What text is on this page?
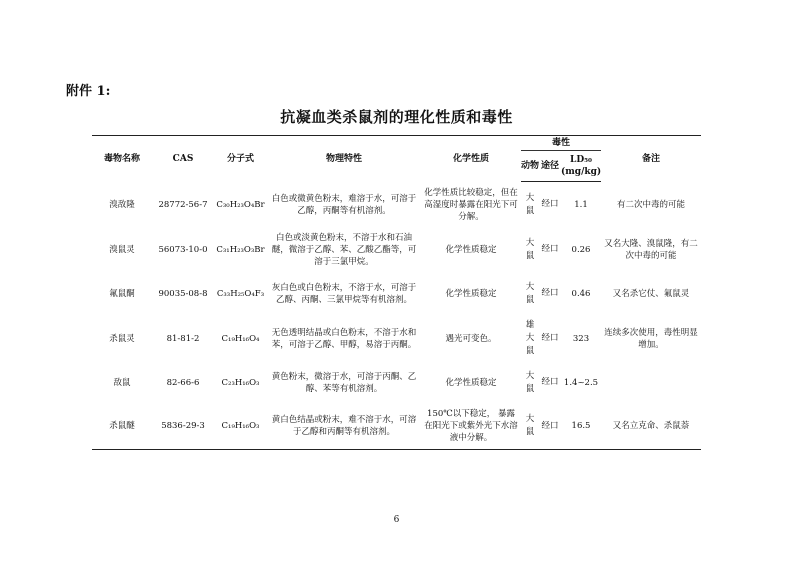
附件 1:
抗凝血类杀鼠剂的理化性质和毒性
毒物名称	CAS	分子式	物理特性	化学性质	毒性			备注
					动物	途径	LD₅₀
(mg/kg)	

溴敌隆	28772-56-7	C₃₀H₂₃O₄Br	白色或微黄色粉末，难溶于水，可溶于乙醇，丙酮等有机溶剂。	化学性质比较稳定，但在高湿度时暴露在阳光下可分解。	大鼠	经口	1.1	有二次中毒的可能
溴鼠灵	56073-10-0	C₃₁H₂₃O₃Br	白色或淡黄色粉末，不溶于水和石油醚，微溶于乙醇、苯、乙酸乙酯等，可溶于三氯甲烷。	化学性质稳定	大鼠	经口	0.26	又名大隆、溴鼠隆，有二次中毒的可能
氟鼠酮	90035-08-8	C₃₃H₂₅O₄F₃	灰白色或白色粉末，不溶于水，可溶于乙醇、丙酮、三氯甲烷等有机溶剂。	化学性质稳定	大鼠	经口	0.46	又名杀它仗、氟鼠灵
杀鼠灵	81-81-2	C₁₉H₁₆O₄	无色透明结晶或白色粉末，不溶于水和苯，可溶于乙醇、甲醇，易溶于丙酮。	遇光可变色。	雄大鼠	经口	323	连续多次使用，毒性明显增加。
敌鼠	82-66-6	C₂₃H₁₆O₃	黄色粉末，微溶于水，可溶于丙酮、乙醇、苯等有机溶剂。	化学性质稳定	大鼠	经口	1.4~2.5	
杀鼠醚	5836-29-3	C₁₉H₁₆O₃	黄白色结晶或粉末，难不溶于水，可溶于乙醇和丙酮等有机溶剂。	150℃以下稳定， 暴露在阳光下或紫外光下水溶液中分解。	大鼠	经口	16.5	又名立克命、杀鼠萘
6
